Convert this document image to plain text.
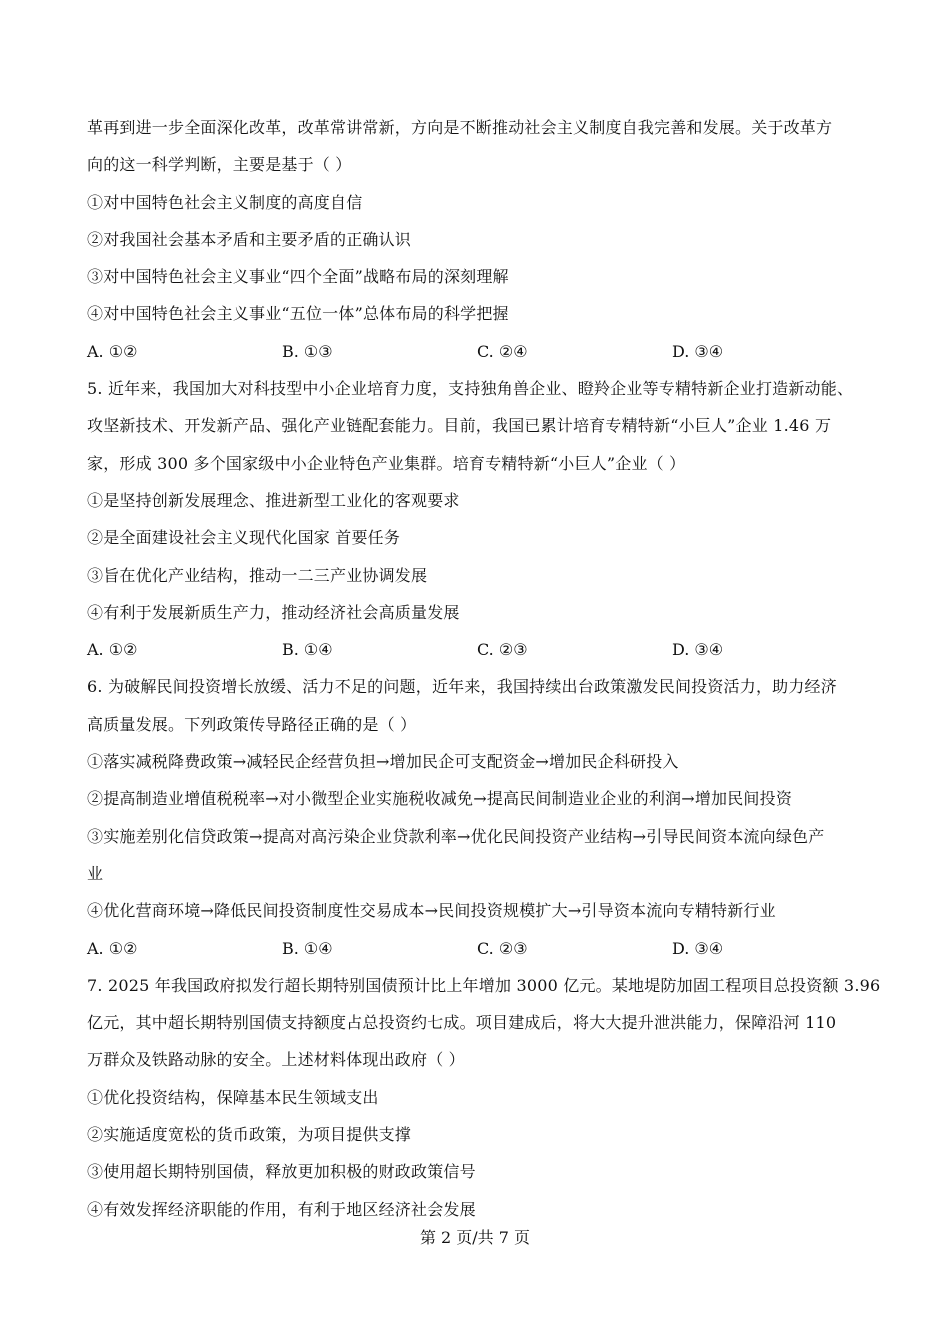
革再到进一步全面深化改革，改革常讲常新，方向是不断推动社会主义制度自我完善和发展。关于改革方
向的这一科学判断，主要是基于（ ）
①对中国特色社会主义制度的高度自信
②对我国社会基本矛盾和主要矛盾的正确认识
③对中国特色社会主义事业“四个全面”战略布局的深刻理解
④对中国特色社会主义事业“五位一体”总体布局的科学把握
A. ①②	B. ①③	C. ②④	D. ③④
5. 近年来，我国加大对科技型中小企业培育力度，支持独角兽企业、瞪羚企业等专精特新企业打造新动能、
攻坚新技术、开发新产品、强化产业链配套能力。目前，我国已累计培育专精特新“小巨人”企业 1.46 万
家，形成 300 多个国家级中小企业特色产业集群。培育专精特新“小巨人”企业（ ）
①是坚持创新发展理念、推进新型工业化的客观要求
②是全面建设社会主义现代化国家 首要任务
③旨在优化产业结构，推动一二三产业协调发展
④有利于发展新质生产力，推动经济社会高质量发展
A. ①②	B. ①④	C. ②③	D. ③④
6. 为破解民间投资增长放缓、活力不足的问题，近年来，我国持续出台政策激发民间投资活力，助力经济
高质量发展。下列政策传导路径正确的是（ ）
①落实减税降费政策→减轻民企经营负担→增加民企可支配资金→增加民企科研投入
②提高制造业增值税税率→对小微型企业实施税收减免→提高民间制造业企业的利润→增加民间投资
③实施差别化信贷政策→提高对高污染企业贷款利率→优化民间投资产业结构→引导民间资本流向绿色产
业
④优化营商环境→降低民间投资制度性交易成本→民间投资规模扩大→引导资本流向专精特新行业
A. ①②	B. ①④	C. ②③	D. ③④
7. 2025 年我国政府拟发行超长期特别国债预计比上年增加 3000 亿元。某地堤防加固工程项目总投资额 3.96
亿元，其中超长期特别国债支持额度占总投资约七成。项目建成后，将大大提升泄洪能力，保障沿河 110
万群众及铁路动脉的安全。上述材料体现出政府（ ）
①优化投资结构，保障基本民生领域支出
②实施适度宽松的货币政策，为项目提供支撑
③使用超长期特别国债，释放更加积极的财政政策信号
④有效发挥经济职能的作用，有利于地区经济社会发展
第 2 页/共 7 页
